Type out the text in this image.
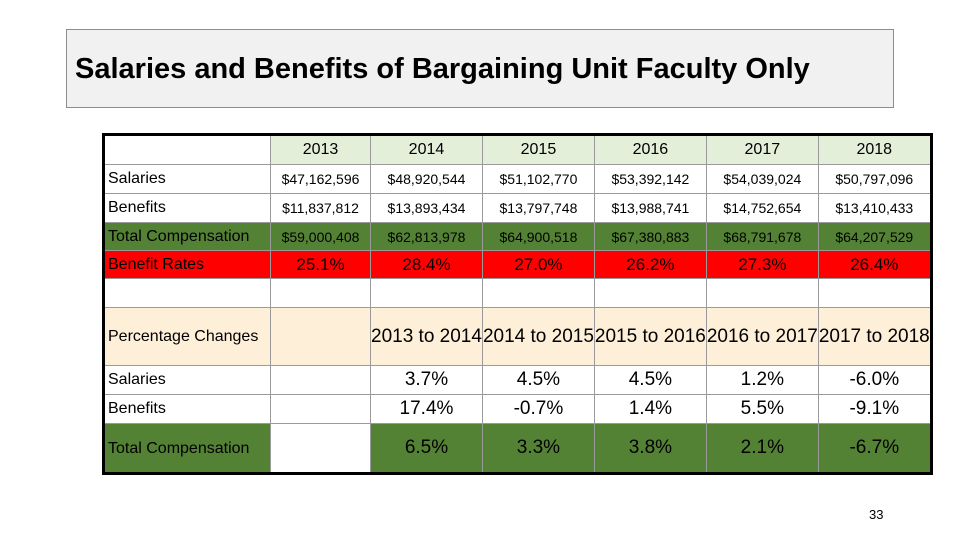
Salaries and Benefits of Bargaining Unit Faculty Only
	2013	2014	2015	2016	2017	2018
Salaries	$47,162,596	$48,920,544	$51,102,770	$53,392,142	$54,039,024	$50,797,096
Benefits	$11,837,812	$13,893,434	$13,797,748	$13,988,741	$14,752,654	$13,410,433
Total Compensation	$59,000,408	$62,813,978	$64,900,518	$67,380,883	$68,791,678	$64,207,529
Benefit Rates	25.1%	28.4%	27.0%	26.2%	27.3%	26.4%

Percentage Changes		2013 to 2014	2014 to 2015	2015 to 2016	2016 to 2017	2017 to 2018
Salaries		3.7%	4.5%	4.5%	1.2%	-6.0%
Benefits		17.4%	-0.7%	1.4%	5.5%	-9.1%
Total Compensation		6.5%	3.3%	3.8%	2.1%	-6.7%
33
